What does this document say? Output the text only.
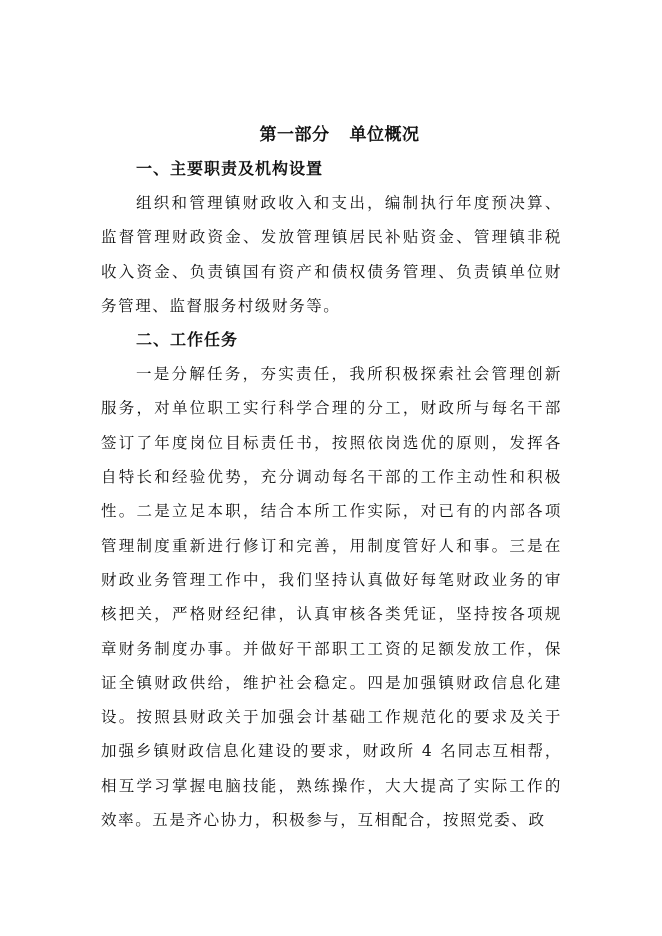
第一部分 单位概况
一、主要职责及机构设置

组织和管理镇财政收入和支出，编制执行年度预决算、监督管理财政资金、发放管理镇居民补贴资金、管理镇非税收入资金、负责镇国有资产和债权债务管理、负责镇单位财务管理、监督服务村级财务等。

二、工作任务

一是分解任务，夯实责任，我所积极探索社会管理创新服务，对单位职工实行科学合理的分工，财政所与每名干部签订了年度岗位目标责任书，按照依岗选优的原则，发挥各自特长和经验优势，充分调动每名干部的工作主动性和积极性。二是立足本职，结合本所工作实际，对已有的内部各项管理制度重新进行修订和完善，用制度管好人和事。三是在财政业务管理工作中，我们坚持认真做好每笔财政业务的审核把关，严格财经纪律，认真审核各类凭证，坚持按各项规章财务制度办事。并做好干部职工工资的足额发放工作，保证全镇财政供给，维护社会稳定。四是加强镇财政信息化建设。按照县财政关于加强会计基础工作规范化的要求及关于加强乡镇财政信息化建设的要求，财政所 4 名同志互相帮，相互学习掌握电脑技能，熟练操作，大大提高了实际工作的效率。五是齐心协力，积极参与，互相配合，按照党委、政
